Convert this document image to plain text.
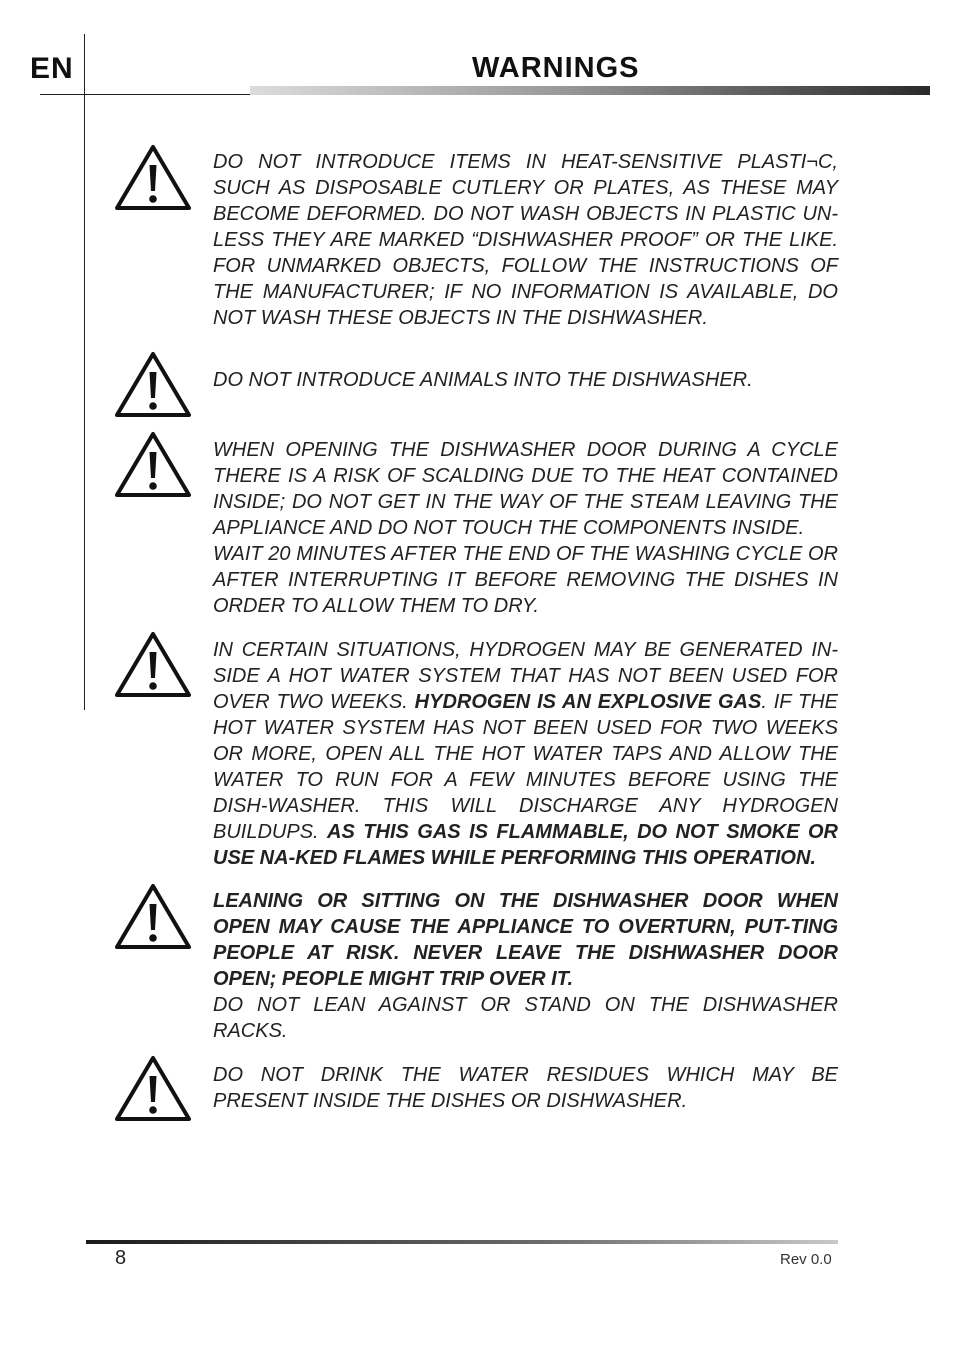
EN	WARNINGS

DO NOT INTRODUCE ITEMS IN HEAT-SENSITIVE PLASTI¬C, SUCH AS DISPOSABLE CUTLERY OR PLATES, AS THESE MAY BECOME DEFORMED. DO NOT WASH OBJECTS IN PLASTIC UN-LESS THEY ARE MARKED “DISHWASHER PROOF” OR THE LIKE. FOR UNMARKED OBJECTS, FOLLOW THE INSTRUCTIONS OF THE MANUFACTURER; IF NO INFORMATION IS AVAILABLE, DO NOT WASH THESE OBJECTS IN THE DISHWASHER.

DO NOT INTRODUCE ANIMALS INTO THE DISHWASHER.

WHEN OPENING THE DISHWASHER DOOR DURING A CYCLE THERE IS A RISK OF SCALDING DUE TO THE HEAT CONTAINED INSIDE; DO NOT GET IN THE WAY OF THE STEAM LEAVING THE APPLIANCE AND DO NOT TOUCH THE COMPONENTS INSIDE.
WAIT 20 MINUTES AFTER THE END OF THE WASHING CYCLE OR AFTER INTERRUPTING IT BEFORE REMOVING THE DISHES IN ORDER TO ALLOW THEM TO DRY.

IN CERTAIN SITUATIONS, HYDROGEN MAY BE GENERATED IN-SIDE A HOT WATER SYSTEM THAT HAS NOT BEEN USED FOR OVER TWO WEEKS. HYDROGEN IS AN EXPLOSIVE GAS. IF THE HOT WATER SYSTEM HAS NOT BEEN USED FOR TWO WEEKS OR MORE, OPEN ALL THE HOT WATER TAPS AND ALLOW THE WATER TO RUN FOR A FEW MINUTES BEFORE USING THE DISH-WASHER. THIS WILL DISCHARGE ANY HYDROGEN BUILDUPS. AS THIS GAS IS FLAMMABLE, DO NOT SMOKE OR USE NA-KED FLAMES WHILE PERFORMING THIS OPERATION.

LEANING OR SITTING ON THE DISHWASHER DOOR WHEN OPEN MAY CAUSE THE APPLIANCE TO OVERTURN, PUT-TING PEOPLE AT RISK. NEVER LEAVE THE DISHWASHER DOOR OPEN; PEOPLE MIGHT TRIP OVER IT.
DO NOT LEAN AGAINST OR STAND ON THE DISHWASHER RACKS.

DO NOT DRINK THE WATER RESIDUES WHICH MAY BE PRESENT INSIDE THE DISHES OR DISHWASHER.

8	Rev 0.0
